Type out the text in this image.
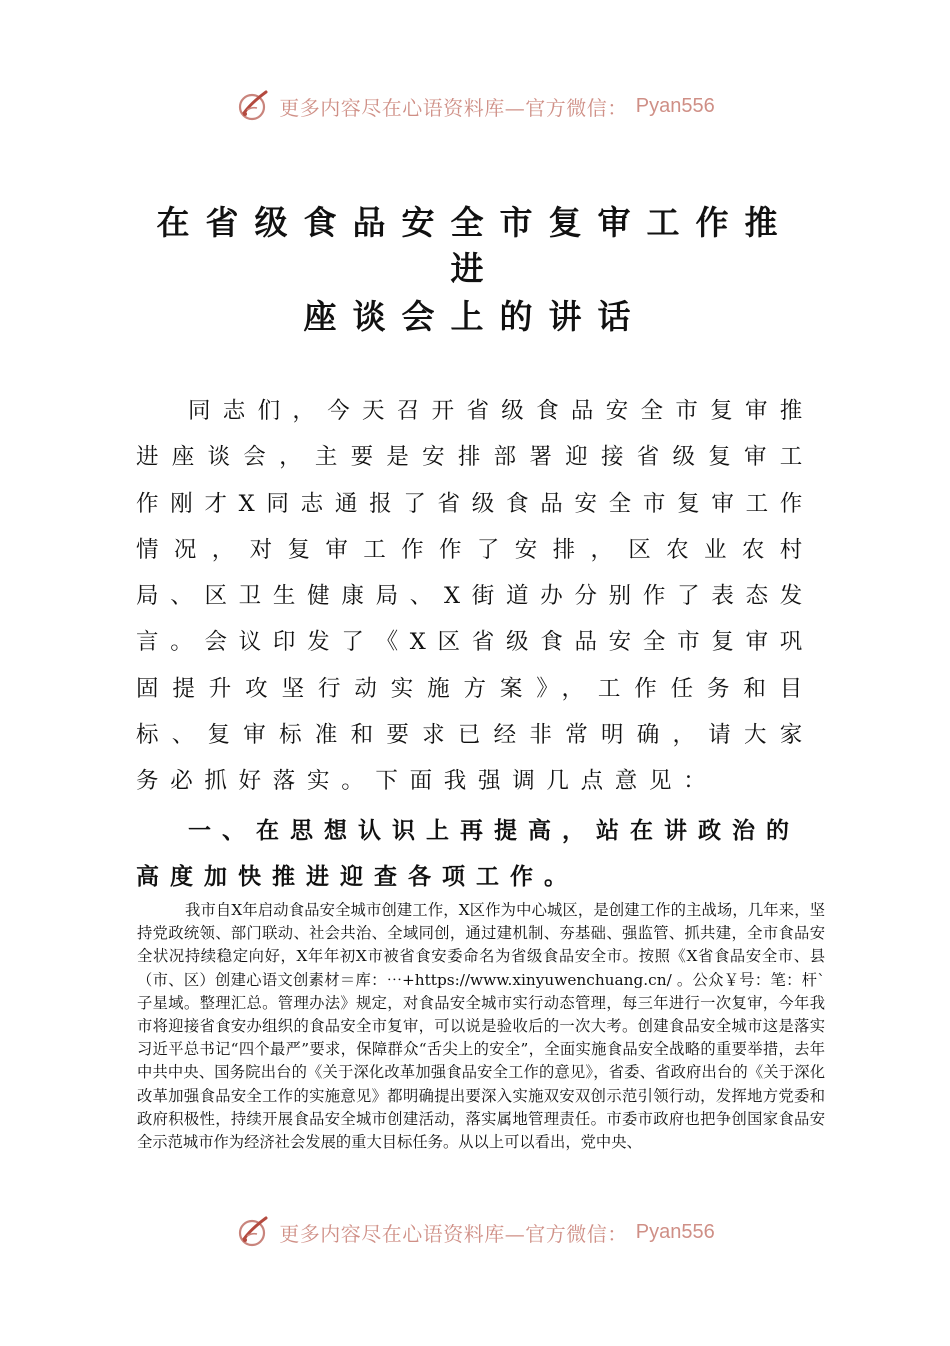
更多内容尽在心语资料库—官方微信： Pyan556
在省级食品安全市复审工作推进
座谈会上的讲话
同志们，今天召开省级食品安全市复审推进座谈会，主要是安排部署迎接省级复审工作刚才X同志通报了省级食品安全市复审工作情况，对复审工作作了安排，区农业农村局、区卫生健康局、X街道办分别作了表态发言。会议印发了《X区省级食品安全市复审巩固提升攻坚行动实施方案》，工作任务和目标、复审标准和要求已经非常明确，请大家务必抓好落实。下面我强调几点意见：
一、在思想认识上再提高，站在讲政治的高度加快推进迎查各项工作。
我市自X年启动食品安全城市创建工作，X区作为中心城区，是创建工作的主战场，几年来，坚持党政统领、部门联动、社会共治、全域同创，通过建机制、夯基础、强监管、抓共建，全市食品安全状况持续稳定向好，X年年初X市被省食安委命名为省级食品安全市。按照《X省食品安全市、县（市、区）创建心语文创素材＝库：⋯+https://www.xinyuwenchuang.cn/ 。公众￥号：笔：杆`子星域。整理汇总。管理办法》规定，对食品安全城市实行动态管理，每三年进行一次复审，今年我市将迎接省食安办组织的食品安全市复审，可以说是验收后的一次大考。创建食品安全城市这是落实习近平总书记“四个最严”要求，保障群众“舌尖上的安全”，全面实施食品安全战略的重要举措，去年中共中央、国务院出台的《关于深化改革加强食品安全工作的意见》，省委、省政府出台的《关于深化改革加强食品安全工作的实施意见》都明确提出要深入实施双安双创示范引领行动，发挥地方党委和政府积极性，持续开展食品安全城市创建活动，落实属地管理责任。市委市政府也把争创国家食品安全示范城市作为经济社会发展的重大目标任务。从以上可以看出，党中央、
更多内容尽在心语资料库—官方微信： Pyan556
